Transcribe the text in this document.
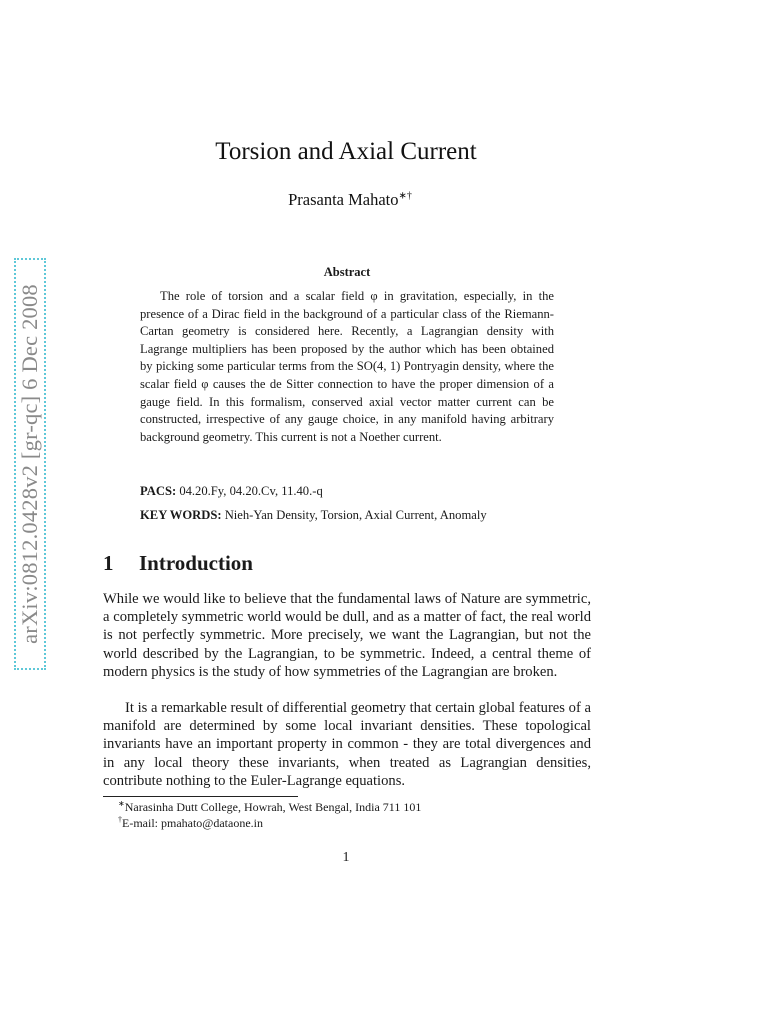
arXiv:0812.0428v2 [gr-qc] 6 Dec 2008
Torsion and Axial Current
Prasanta Mahato∗†
Abstract

The role of torsion and a scalar field φ in gravitation, especially, in the presence of a Dirac field in the background of a particular class of the Riemann-Cartan geometry is considered here. Recently, a Lagrangian density with Lagrange multipliers has been proposed by the author which has been obtained by picking some particular terms from the SO(4, 1) Pontryagin density, where the scalar field φ causes the de Sitter connection to have the proper dimension of a gauge field. In this formalism, conserved axial vector matter current can be constructed, irrespective of any gauge choice, in any manifold having arbitrary background geometry. This current is not a Noether current.

PACS: 04.20.Fy, 04.20.Cv, 11.40.-q
KEY WORDS: Nieh-Yan Density, Torsion, Axial Current, Anomaly
1 Introduction

While we would like to believe that the fundamental laws of Nature are symmetric, a completely symmetric world would be dull, and as a matter of fact, the real world is not perfectly symmetric. More precisely, we want the Lagrangian, but not the world described by the Lagrangian, to be symmetric. Indeed, a central theme of modern physics is the study of how symmetries of the Lagrangian are broken.

It is a remarkable result of differential geometry that certain global features of a manifold are determined by some local invariant densities. These topological invariants have an important property in common - they are total divergences and in any local theory these invariants, when treated as Lagrangian densities, contribute nothing to the Euler-Lagrange equations.

∗Narasinha Dutt College, Howrah, West Bengal, India 711 101
†E-mail: pmahato@dataone.in
1
